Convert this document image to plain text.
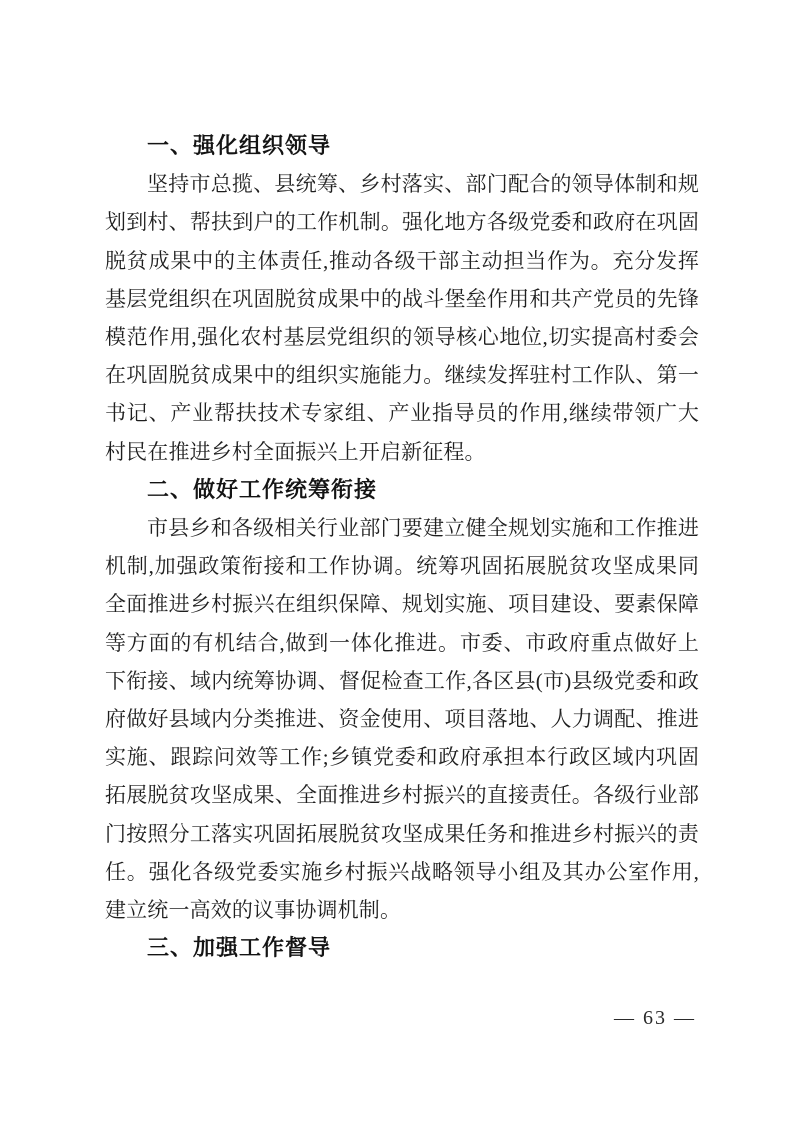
一、强化组织领导

坚持市总揽、县统筹、乡村落实、部门配合的领导体制和规划到村、帮扶到户的工作机制。强化地方各级党委和政府在巩固脱贫成果中的主体责任,推动各级干部主动担当作为。充分发挥基层党组织在巩固脱贫成果中的战斗堡垒作用和共产党员的先锋模范作用,强化农村基层党组织的领导核心地位,切实提高村委会在巩固脱贫成果中的组织实施能力。继续发挥驻村工作队、第一书记、产业帮扶技术专家组、产业指导员的作用,继续带领广大村民在推进乡村全面振兴上开启新征程。

二、做好工作统筹衔接

市县乡和各级相关行业部门要建立健全规划实施和工作推进机制,加强政策衔接和工作协调。统筹巩固拓展脱贫攻坚成果同全面推进乡村振兴在组织保障、规划实施、项目建设、要素保障等方面的有机结合,做到一体化推进。市委、市政府重点做好上下衔接、域内统筹协调、督促检查工作,各区县(市)县级党委和政府做好县域内分类推进、资金使用、项目落地、人力调配、推进实施、跟踪问效等工作;乡镇党委和政府承担本行政区域内巩固拓展脱贫攻坚成果、全面推进乡村振兴的直接责任。各级行业部门按照分工落实巩固拓展脱贫攻坚成果任务和推进乡村振兴的责任。强化各级党委实施乡村振兴战略领导小组及其办公室作用,建立统一高效的议事协调机制。

三、加强工作督导
— 63 —
